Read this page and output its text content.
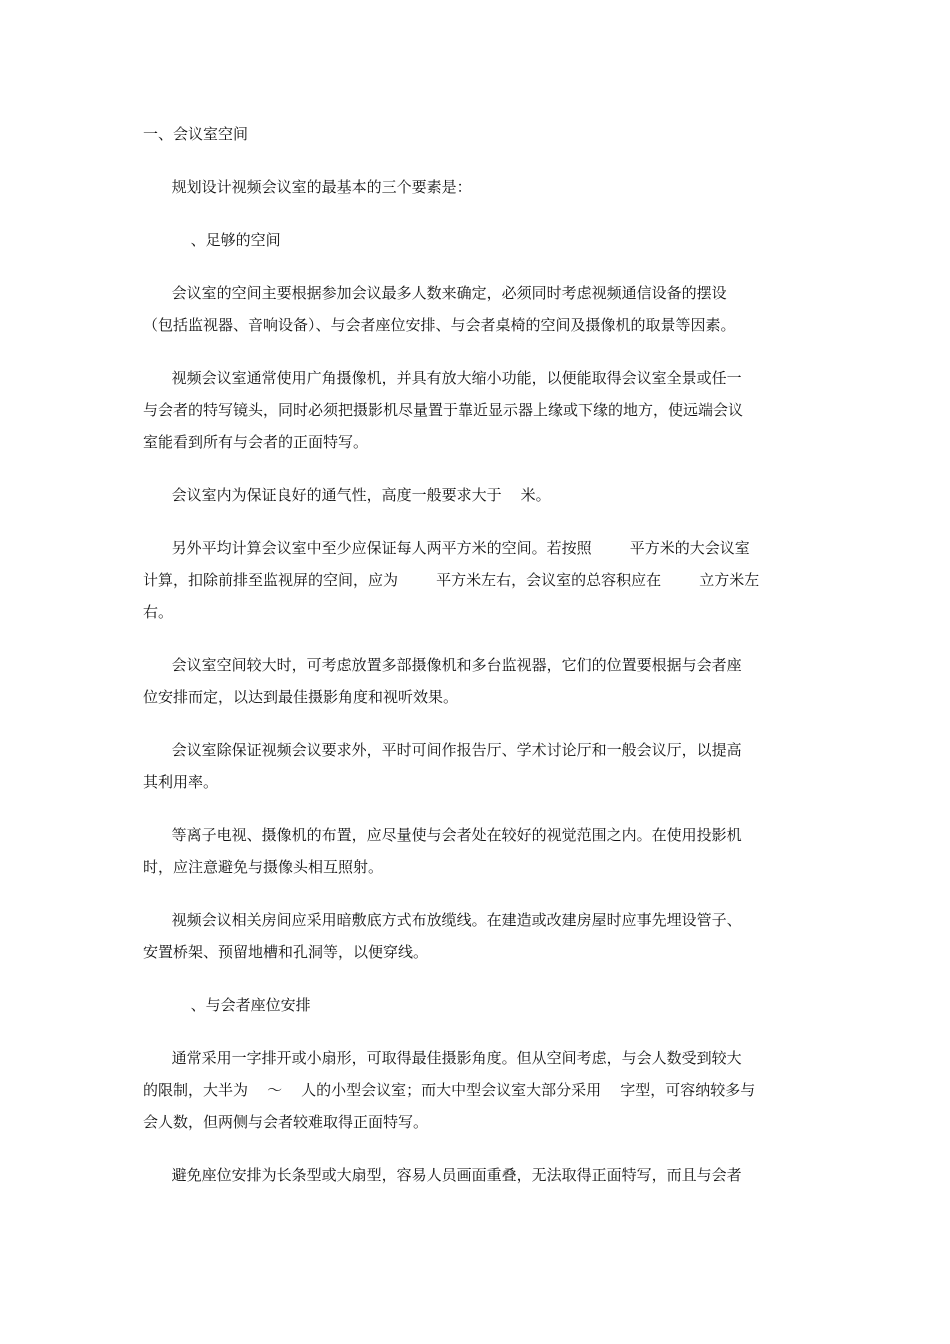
一、会议室空间
规划设计视频会议室的最基本的三个要素是：
、足够的空间
会议室的空间主要根据参加会议最多人数来确定，必须同时考虑视频通信设备的摆设
（包括监视器、音响设备）、与会者座位安排、与会者桌椅的空间及摄像机的取景等因素。
视频会议室通常使用广角摄像机，并具有放大缩小功能，以便能取得会议室全景或任一
与会者的特写镜头，同时必须把摄影机尽量置于靠近显示器上缘或下缘的地方，使远端会议
室能看到所有与会者的正面特写。
会议室内为保证良好的通气性，高度一般要求大于    米。
另外平均计算会议室中至少应保证每人两平方米的空间。若按照        平方米的大会议室
计算，扣除前排至监视屏的空间，应为        平方米左右，会议室的总容积应在        立方米左
右。
会议室空间较大时，可考虑放置多部摄像机和多台监视器，它们的位置要根据与会者座
位安排而定，以达到最佳摄影角度和视听效果。
会议室除保证视频会议要求外，平时可间作报告厅、学术讨论厅和一般会议厅，以提高
其利用率。
等离子电视、摄像机的布置，应尽量使与会者处在较好的视觉范围之内。在使用投影机
时，应注意避免与摄像头相互照射。
视频会议相关房间应采用暗敷底方式布放缆线。在建造或改建房屋时应事先埋设管子、
安置桥架、预留地槽和孔洞等，以便穿线。
、与会者座位安排
通常采用一字排开或小扇形，可取得最佳摄影角度。但从空间考虑，与会人数受到较大
的限制，大半为    ～    人的小型会议室；而大中型会议室大部分采用    字型，可容纳较多与
会人数，但两侧与会者较难取得正面特写。
避免座位安排为长条型或大扇型，容易人员画面重叠，无法取得正面特写，而且与会者
